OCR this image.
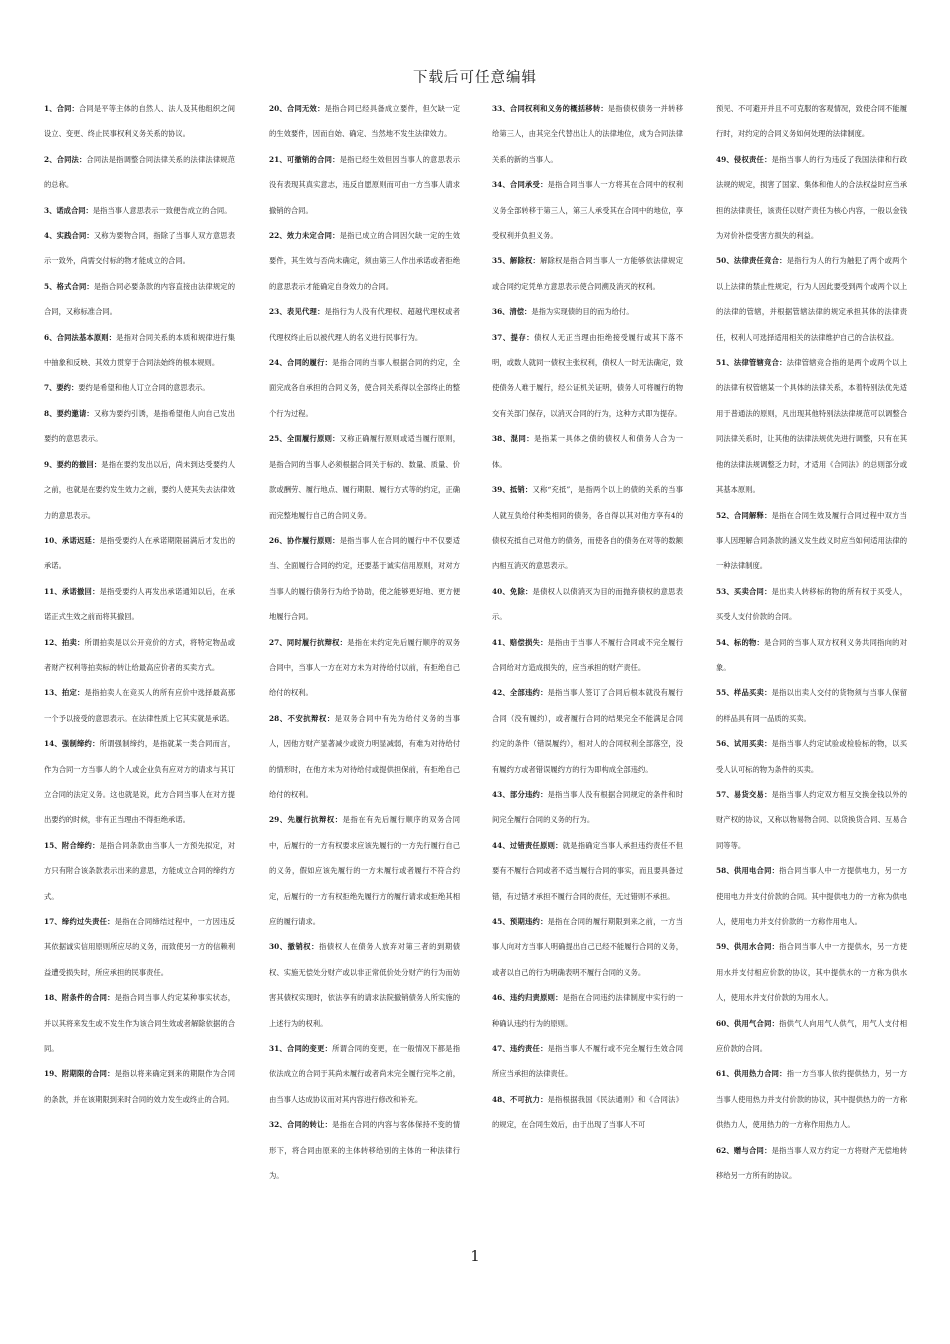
下载后可任意编辑

1、合同：合同是平等主体的自然人、法人及其他组织之间设立、变更、终止民事权利义务关系的协议。

2、合同法：合同法是指调整合同法律关系的法律法律规范的总称。

3、诺成合同：是指当事人意思表示一致便告成立的合同。

4、实践合同：又称为要物合同，指除了当事人双方意思表示一致外，尚需交付标的物才能成立的合同。

5、格式合同：是指合同必要条款的内容直接由法律规定的合同，又称标准合同。

6、合同法基本原则：是指对合同关系的本质和规律进行集中抽象和反映、其效力贯穿于合同法始终的根本规则。

7、要约：要约是希望和他人订立合同的意思表示。

8、要约邀请：又称为要约引诱，是指希望他人向自己发出要约的意思表示。

9、要约的撤回：是指在要约发出以后，尚未到达受要约人之前，也就是在要约发生效力之前，要约人使其失去法律效力的意思表示。

10、承诺迟延：是指受要约人在承诺期限届满后才发出的承诺。

11、承诺撤回：是指受要约人再发出承诺通知以后，在承诺正式生效之前而将其撤回。

12、拍卖：所谓拍卖是以公开竞价的方式，将特定物品或者财产权利等拍卖标的转让给最高应价者的买卖方式。

13、拍定：是指拍卖人在竞买人的所有应价中选择最高那一个予以接受的意思表示。在法律性质上它其实就是承诺。

14、强制缔约：所谓强制缔约，是指就某一类合同而言，作为合同一方当事人的个人或企业负有应对方的请求与其订立合同的法定义务。这也就是说，此方合同当事人在对方提出要约的时候，非有正当理由不得拒绝承诺。

15、附合缔约：是指合同条款由当事人一方预先拟定，对方只有附合该条款表示出来的意思，方能成立合同的缔约方式。

17、缔约过失责任：是指在合同缔结过程中，一方因违反其依据诚实信用原则所应尽的义务，而致使另一方的信赖利益遭受损失时，所应承担的民事责任。

18、附条件的合同：是指合同当事人约定某种事实状态，并以其将来发生或不发生作为该合同生效或者解除依据的合同。

19、附期限的合同：是指以将来确定到来的期限作为合同的条款，并在该期限到来时合同的效力发生或终止的合同。

20、合同无效：是指合同已经具备成立要件，但欠缺一定的生效要件，因而自始、确定、当然地不发生法律效力。

21、可撤销的合同：是指已经生效但因当事人的意思表示没有表现其真实意志，违反自愿原则而可由一方当事人请求撤销的合同。

22、效力未定合同：是指已成立的合同因欠缺一定的生效要件，其生效与否尚未确定，须由第三人作出承诺或者拒绝的意思表示才能确定自身效力的合同。

23、表见代理：是指行为人没有代理权、超越代理权或者代理权终止后以被代理人的名义进行民事行为。

24、合同的履行：是指合同的当事人根据合同的约定，全面完成各自承担的合同义务，使合同关系得以全部终止的整个行为过程。

25、全面履行原则：又称正确履行原则或适当履行原则，是指合同的当事人必须根据合同关于标的、数量、质量、价款或酬劳、履行地点、履行期限、履行方式等的约定，正确而完整地履行自己的合同义务。

26、协作履行原则：是指当事人在合同的履行中不仅要适当、全面履行合同的约定，还要基于诚实信用原则，对对方当事人的履行债务行为给予协助，使之能够更好地、更方便地履行合同。

27、同时履行抗辩权：是指在未约定先后履行顺序的双务合同中，当事人一方在对方未为对待给付以前，有拒绝自己给付的权利。

28、不安抗辩权：是双务合同中有先为给付义务的当事人，因他方财产显著减少或资力明显减弱，有难为对待给付的情形时，在他方未为对待给付或提供担保前，有拒绝自己给付的权利。

29、先履行抗辩权：是指在有先后履行顺序的双务合同中，后履行的一方有权要求应该先履行的一方先行履行自己的义务，假如应该先履行的一方未履行或者履行不符合约定，后履行的一方有权拒绝先履行方的履行请求或拒绝其相应的履行请求。

30、撤销权：指债权人在债务人放弃对第三者的到期债权、实施无偿处分财产或以非正常低价处分财产的行为而妨害其债权实现时，依法享有的请求法院撤销债务人所实施的上述行为的权利。

31、合同的变更：所谓合同的变更，在一般情况下都是指依法成立的合同于其尚未履行或者尚未完全履行完毕之前，由当事人达成协议而对其内容进行修改和补充。

32、合同的转让：是指在合同的内容与客体保持不变的情形下，将合同由原来的主体转移给别的主体的一种法律行为。

33、合同权利和义务的概括移转：是指债权债务一并转移给第三人，由其完全代替出让人的法律地位，成为合同法律关系的新的当事人。

34、合同承受：是指合同当事人一方将其在合同中的权利义务全部转移于第三人，第三人承受其在合同中的地位，享受权利并负担义务。

35、解除权：解除权是指合同当事人一方能够依法律规定或合同约定凭单方意思表示使合同溯及消灭的权利。

36、清偿：是指为实现债的目的而为给付。

37、提存：债权人无正当理由拒绝接受履行或其下落不明，或数人就同一债权主张权利，债权人一时无法确定，致使债务人难于履行，经公证机关证明，债务人可将履行的物交有关部门保存，以消灭合同的行为，这种方式即为提存。

38、混同：是指某一具体之债的债权人和债务人合为一体。

39、抵销：又称“充抵”，是指两个以上的债的关系的当事人就互负给付种类相同的债务，各自得以其对他方享有4的债权充抵自己对他方的债务，而使各自的债务在对等的数额内相互消灭的意思表示。

40、免除：是债权人以债消灭为目的而抛弃债权的意思表示。

41、赔偿损失：是指由于当事人不履行合同或不完全履行合同给对方造成损失的，应当承担的财产责任。

42、全部违约：是指当事人签订了合同后根本就没有履行合同（没有履约），或者履行合同的结果完全不能满足合同约定的条件（错误履约），相对人的合同权利全部落空，没有履约方或者错误履约方的行为即构成全部违约。

43、部分违约：是指当事人没有根据合同规定的条件和时间完全履行合同的义务的行为。

44、过错责任原则：就是指确定当事人承担违约责任不但要有不履行合同或者不适当履行合同的事实，而且要具备过错，有过错才承担不履行合同的责任，无过错则不承担。

45、预期违约：是指在合同的履行期限到来之前，一方当事人向对方当事人明确提出自己已经不能履行合同的义务，或者以自己的行为明确表明不履行合同的义务。

46、违约归责原则：是指在合同违约法律制度中实行的一种确认违约行为的原则。

47、违约责任：是指当事人不履行或不完全履行生效合同所应当承担的法律责任。

48、不可抗力：是指根据我国《民法通则》和《合同法》的规定，在合同生效后，由于出现了当事人不可

预见、不可避开并且不可克服的客观情况，致使合同不能履行时，对约定的合同义务如何处理的法律制度。

49、侵权责任：是指当事人的行为违反了我国法律和行政法规的规定，损害了国家、集体和他人的合法权益时应当承担的法律责任，该责任以财产责任为核心内容，一般以金钱为对价补偿受害方损失的利益。

50、法律责任竞合：是指行为人的行为触犯了两个或两个以上法律的禁止性规定，行为人因此要受到两个或两个以上的法律的管辖，并根据管辖法律的规定承担其体的法律责任，权利人可选择适用相关的法律维护自己的合法权益。

51、法律管辖竞合：法律管辖竞合指的是两个或两个以上的法律有权管辖某一个具体的法律关系，本着特别法优先适用于普通法的原则，凡出现其他特别法法律规范可以调整合同法律关系时，让其他的法律法规优先进行调整，只有在其他的法律法规调整乏力时，才适用《合同法》的总则部分或其基本原则。

52、合同解释：是指在合同生效及履行合同过程中双方当事人因理解合同条款的涵义发生歧义时应当如何适用法律的一种法律制度。

53、买卖合同：是出卖人转移标的物的所有权于买受人，买受人支付价款的合同。

54、标的物：是合同的当事人双方权利义务共同指向的对象。

55、样品买卖：是指以出卖人交付的货物须与当事人保留的样品具有同一品质的买卖。

56、试用买卖：是指当事人约定试验或检验标的物，以买受人认可标的物为条件的买卖。

57、易货交易：是指当事人约定双方相互交换金钱以外的财产权的协议，又称以物易物合同、以货换货合同、互易合同等等。

58、供用电合同：指合同当事人中一方提供电力，另一方使用电力并支付价款的合同。其中提供电力的一方称为供电人，使用电力并支付价款的一方称作用电人。

59、供用水合同：指合同当事人中一方提供水，另一方使用水并支付相应价款的协议，其中提供水的一方称为供水人，使用水并支付价款的为用水人。

60、供用气合同：指供气人向用气人供气，用气人支付相应价款的合同。

61、供用热力合同：指一方当事人依约提供热力，另一方当事人使用热力并支付价款的协议，其中提供热力的一方称供热力人，使用热力的一方称作用热力人。

62、赠与合同：是指当事人双方约定一方将财产无偿地转移给另一方所有的协议。

1
